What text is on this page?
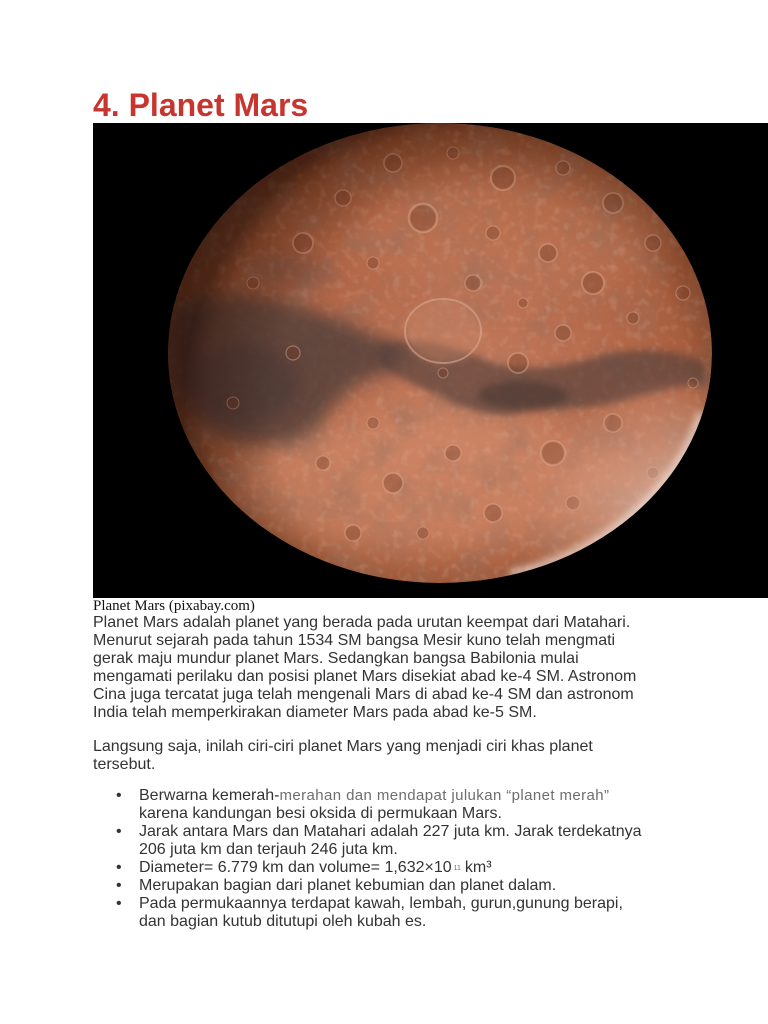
4. Planet Mars
Planet Mars (pixabay.com)
Planet Mars adalah planet yang berada pada urutan keempat dari Matahari.
Menurut sejarah pada tahun 1534 SM bangsa Mesir kuno telah mengmati
gerak maju mundur planet Mars. Sedangkan bangsa Babilonia mulai
mengamati perilaku dan posisi planet Mars disekiat abad ke-4 SM. Astronom
Cina juga tercatat juga telah mengenali Mars di abad ke-4 SM dan astronom
India telah memperkirakan diameter Mars pada abad ke-5 SM.
Langsung saja, inilah ciri-ciri planet Mars yang menjadi ciri khas planet
tersebut.
• Berwarna kemerah-merahan dan mendapat julukan “planet merah”
karena kandungan besi oksida di permukaan Mars.
• Jarak antara Mars dan Matahari adalah 227 juta km. Jarak terdekatnya
206 juta km dan terjauh 246 juta km.
• Diameter= 6.779 km dan volume= 1,632×10 $^{11}$ km³
• Merupakan bagian dari planet kebumian dan planet dalam.
• Pada permukaannya terdapat kawah, lembah, gurun,gunung berapi,
dan bagian kutub ditutupi oleh kubah es.
